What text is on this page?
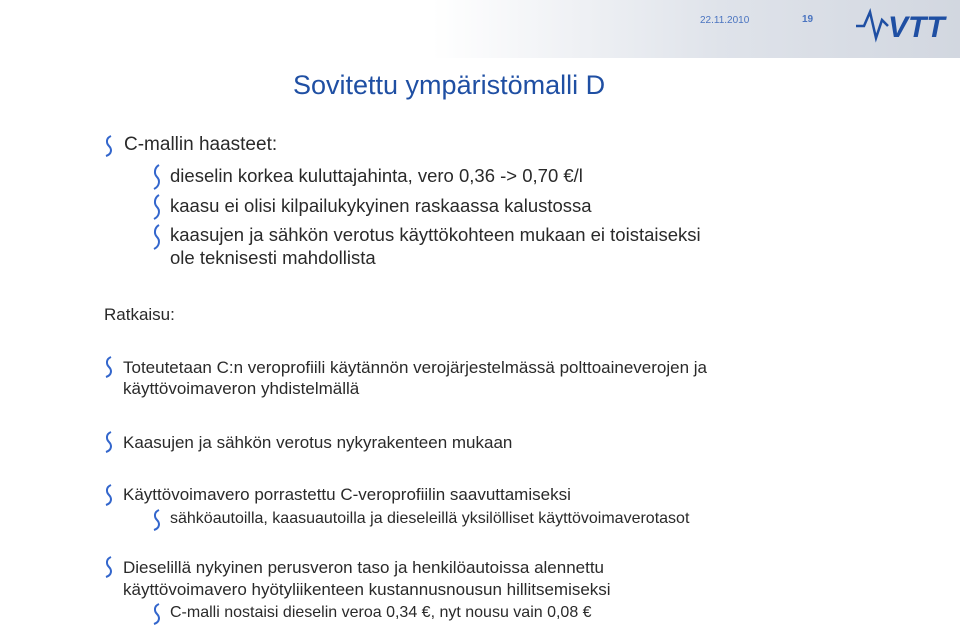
22.11.2010	19 VTT
Sovitettu ympäristömalli D
C-mallin haasteet:
dieselin korkea kuluttajahinta, vero 0,36 -> 0,70 €/l
kaasu ei olisi kilpailukykyinen raskaassa kalustossa
kaasujen ja sähkön verotus käyttökohteen mukaan ei toistaiseksi
ole teknisesti mahdollista
Ratkaisu:
Toteutetaan C:n veroprofiili käytännön verojärjestelmässä polttoaineverojen ja
käyttövoimaveron yhdistelmällä
Kaasujen ja sähkön verotus nykyrakenteen mukaan
Käyttövoimavero porrastettu C-veroprofiilin saavuttamiseksi
sähköautoilla, kaasuautoilla ja dieseleillä yksilölliset käyttövoimaverotasot
Dieselillä nykyinen perusveron taso ja henkilöautoissa alennettu
käyttövoimavero hyötyliikenteen kustannusnousun hillitsemiseksi
C-malli nostaisi dieselin veroa 0,34 €, nyt nousu vain 0,08 €
